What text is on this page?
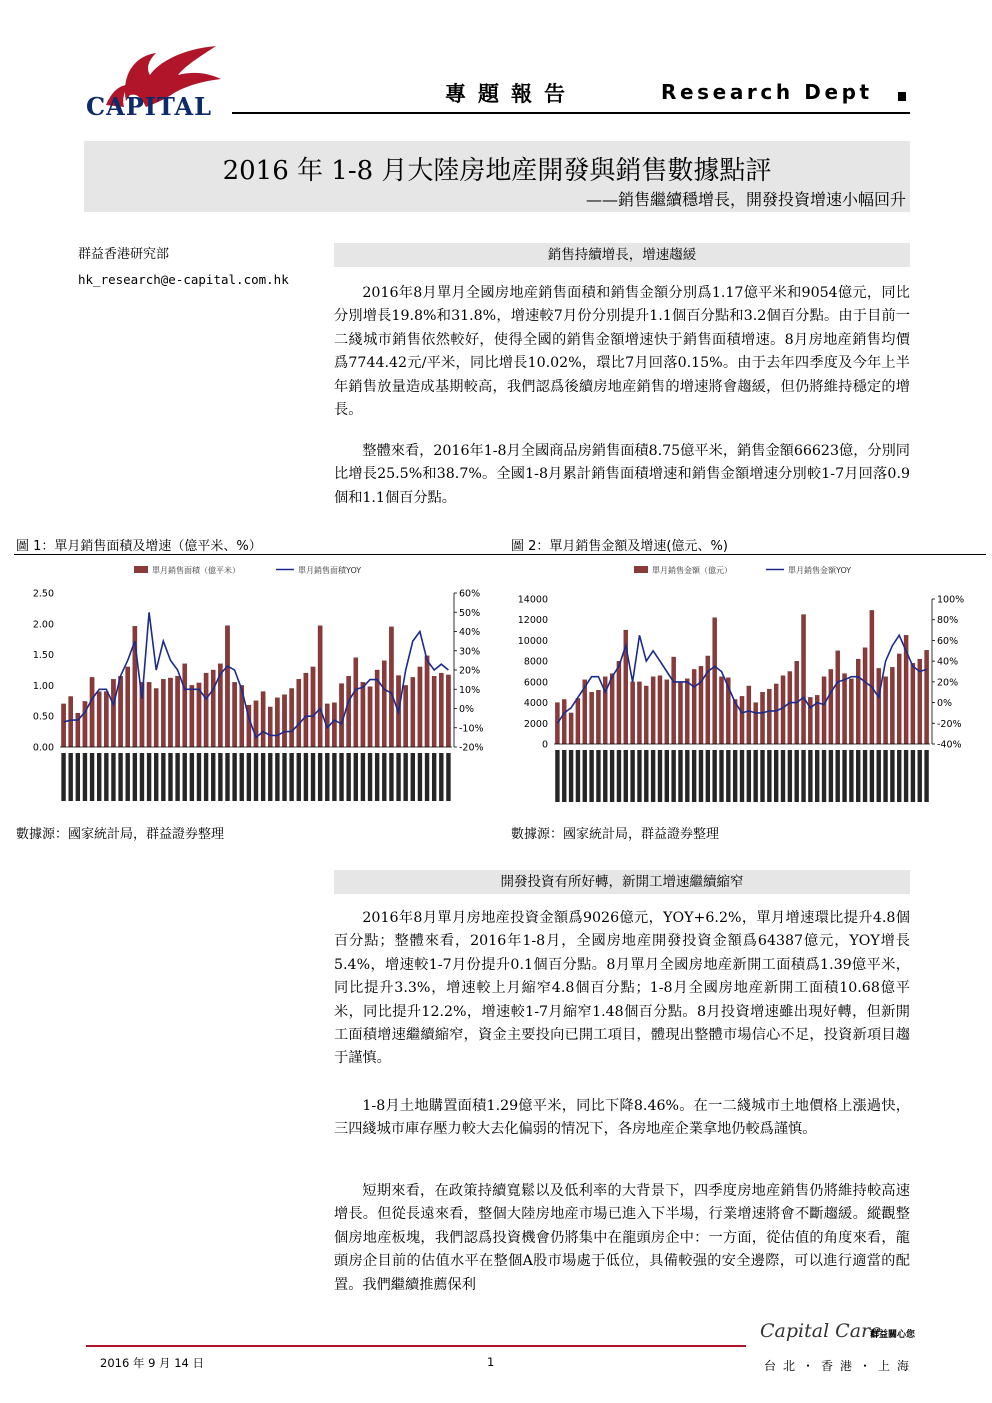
CAPITAL	專題報告	Research Dept
2016 年 1-8 月大陸房地産開發與銷售數據點評
——銷售繼續穩增長，開發投資增速小幅回升
群益香港研究部
hk_research@e-capital.com.hk
銷售持續增長，增速趨緩
2016年8月單月全國房地産銷售面積和銷售金額分別爲1.17億平米和9054億元，同比分別增長19.8%和31.8%，增速較7月份分別提升1.1個百分點和3.2個百分點。由于目前一二綫城市銷售依然較好，使得全國的銷售金額增速快于銷售面積增速。8月房地産銷售均價爲7744.42元/平米，同比增長10.02%，環比7月回落0.15%。由于去年四季度及今年上半年銷售放量造成基期較高，我們認爲後續房地産銷售的增速將會趨緩，但仍將維持穩定的增長。
整體來看，2016年1-8月全國商品房銷售面積8.75億平米，銷售金額66623億，分別同比增長25.5%和38.7%。全國1-8月累計銷售面積增速和銷售金額增速分別較1-7月回落0.9個和1.1個百分點。
圖 1：單月銷售面積及增速（億平米、%）	圖 2：單月銷售金額及增速(億元、%)
單月銷售面積（億平米）	單月銷售面積YOY
0.00
0.50
1.00
1.50
2.00
2.50
-20%
-10%
0%
10%
20%
30%
40%
50%
60%
單月銷售金額（億元）	單月銷售金額YOY
0
2000
4000
6000
8000
10000
12000
14000
-40%
-20%
0%
20%
40%
60%
80%
100%
數據源：國家統計局，群益證券整理	數據源：國家統計局，群益證券整理
開發投資有所好轉，新開工增速繼續縮窄
2016年8月單月房地産投資金額爲9026億元，YOY+6.2%，單月增速環比提升4.8個百分點；整體來看，2016年1-8月，全國房地産開發投資金額爲64387億元，YOY增長5.4%，增速較1-7月份提升0.1個百分點。8月單月全國房地産新開工面積爲1.39億平米，同比提升3.3%，增速較上月縮窄4.8個百分點；1-8月全國房地産新開工面積10.68億平米，同比提升12.2%，增速較1-7月縮窄1.48個百分點。8月投資增速雖出現好轉，但新開工面積增速繼續縮窄，資金主要投向已開工項目，體現出整體市場信心不足，投資新項目趨于謹慎。
1-8月土地購置面積1.29億平米，同比下降8.46%。在一二綫城市土地價格上漲過快，三四綫城市庫存壓力較大去化偏弱的情况下，各房地産企業拿地仍較爲謹慎。
短期來看，在政策持續寬鬆以及低利率的大背景下，四季度房地産銷售仍將維持較高速增長。但從長遠來看，整個大陸房地産市場已進入下半場，行業增速將會不斷趨緩。縱觀整個房地産板塊，我們認爲投資機會仍將集中在龍頭房企中：一方面，從估值的角度來看，龍頭房企目前的估值水平在整個A股市場處于低位，具備較强的安全邊際，可以進行適當的配置。我們繼續推薦保利
Capital Care
群益關心您
2016 年 9 月 14 日	1	台北・香港・上海
